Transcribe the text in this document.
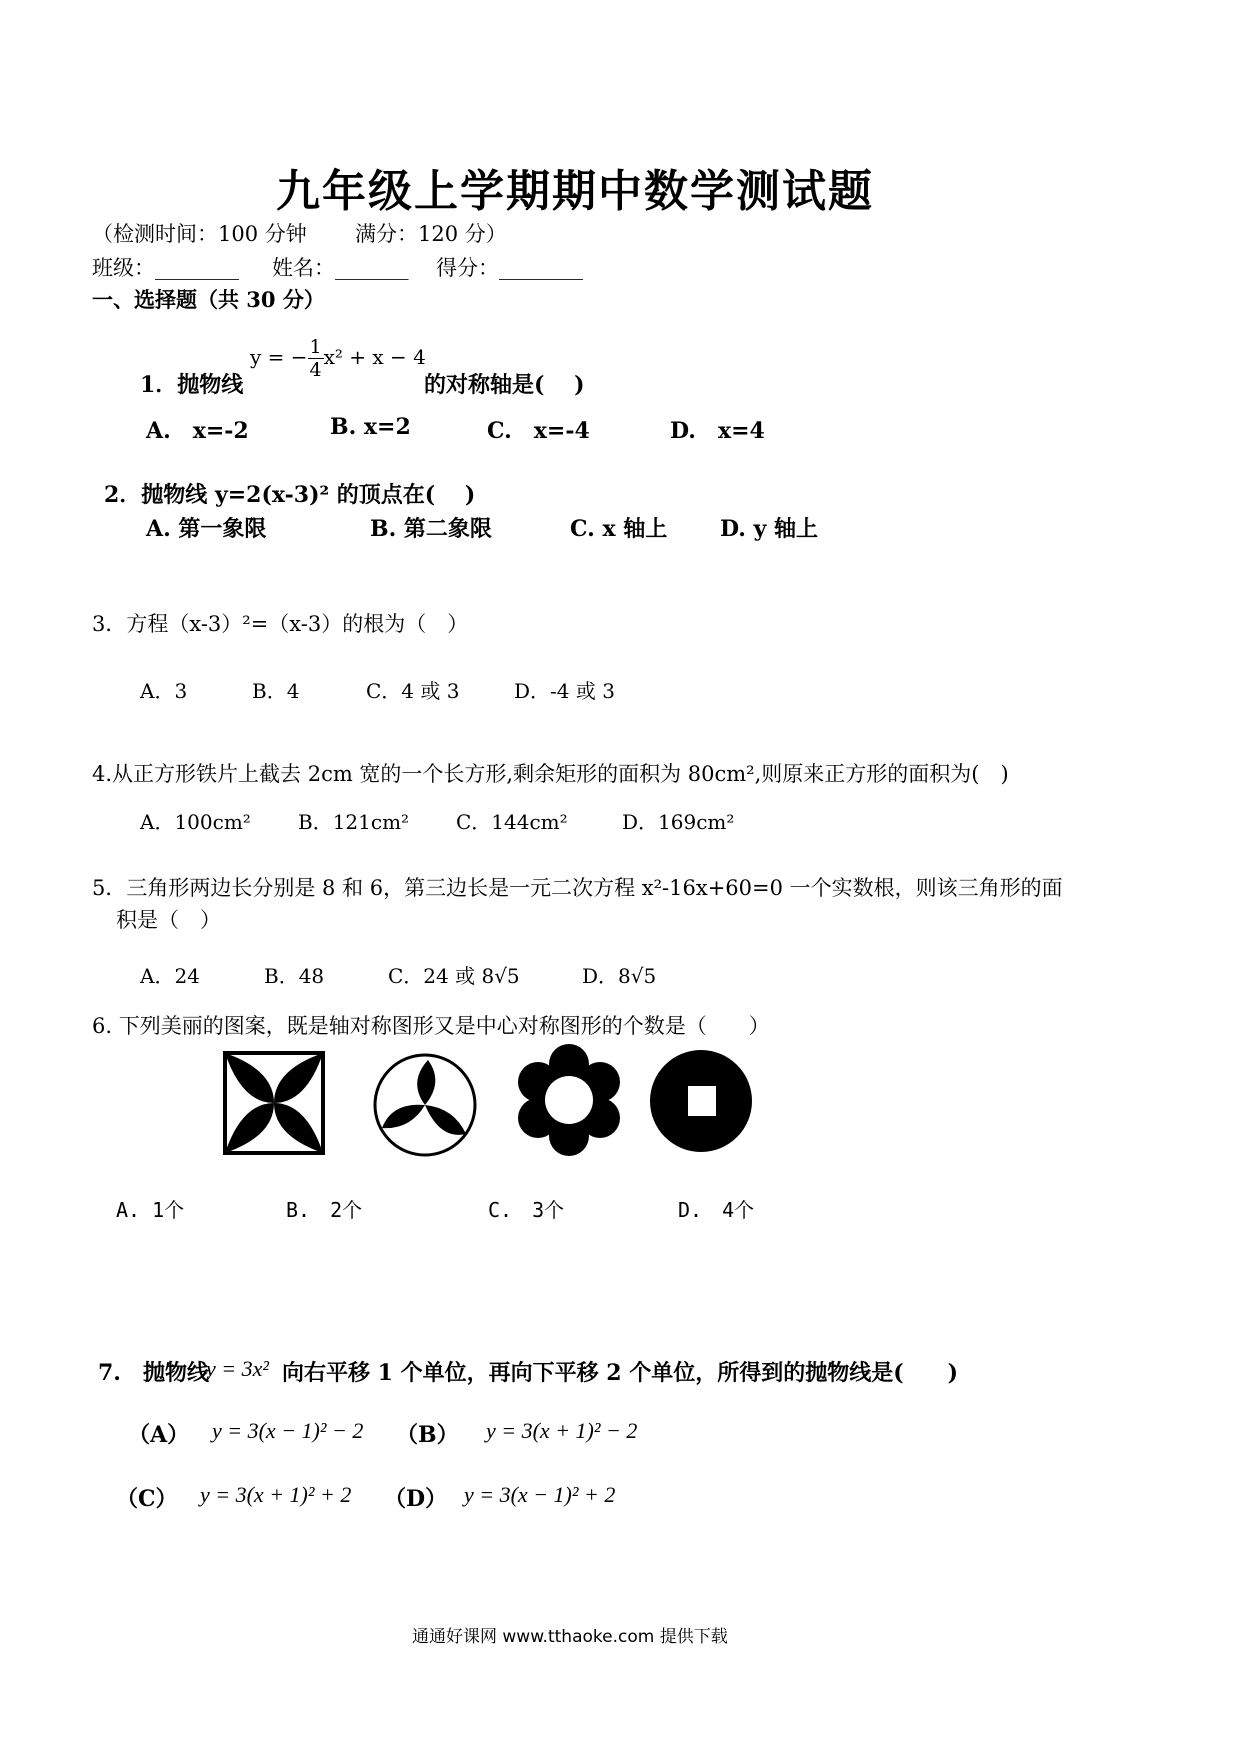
九年级上学期期中数学测试题
（检测时间：100 分钟 满分：120 分）
班级：________ 姓名：_______ 得分：________
一、选择题（共 30 分）
1．抛物线
y = − $\frac{1}{4} x^2 + x - 4$
的对称轴是(　 )
A.　x=-2	B. x=2	C.　x=-4	D.　x=4
2．抛物线 y=2(x-3)² 的顶点在(　 )
A. 第一象限	B. 第二象限	C. x 轴上 D. y 轴上
3．方程（x-3）²=（x-3）的根为（　）
A．3	B．4	C．4 或 3	D．-4 或 3
4.从正方形铁片上截去 2cm 宽的一个长方形,剩余矩形的面积为 80cm²,则原来正方形的面积为(　)
A．100cm² B．121cm² C．144cm²	D．169cm²
5．三角形两边长分别是 8 和 6，第三边长是一元二次方程 x²-16x+60=0 一个实数根，则该三角形的面
积是（　）
A．24	B．48	C．24 或 8√5	D．8√5
6. 下列美丽的图案，既是轴对称图形又是中心对称图形的个数是（　　）
A. 1个	B.　2个	C.　3个	D.　4个
7.　抛物线
y = 3x² 向右平移 1 个单位，再向下平移 2 个单位，所得到的抛物线是(　　)
（A） y = 3(x − 1)² − 2 （B） y = 3(x + 1)² − 2
（C） y = 3(x + 1)² + 2 （D） y = 3(x − 1)² + 2
通通好课网 www.tthaoke.com 提供下载
